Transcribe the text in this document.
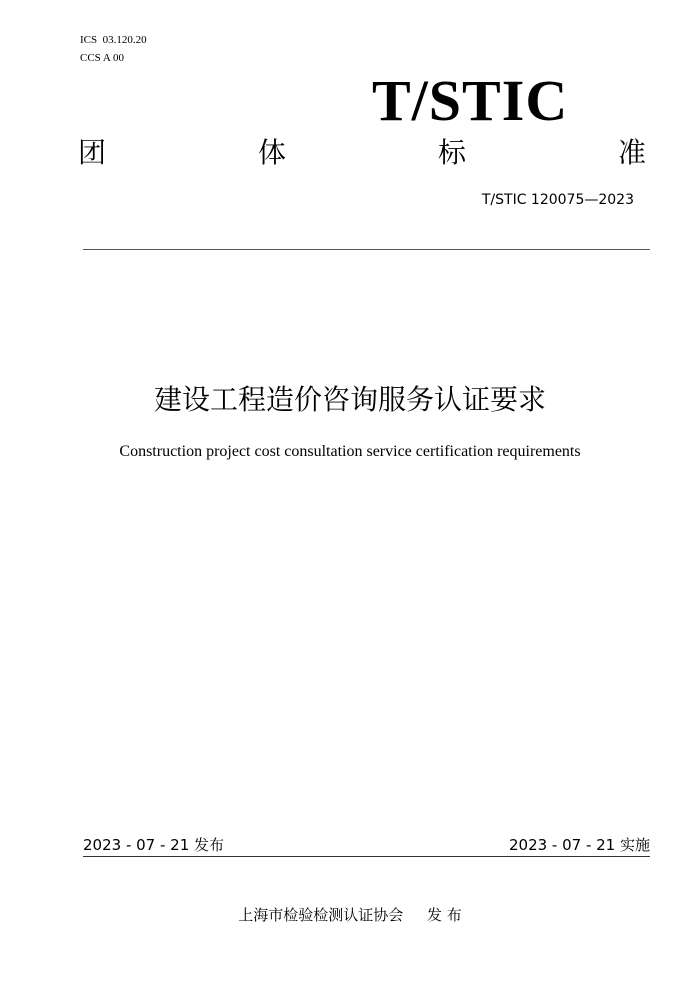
ICS  03.120.20
CCS A 00
T/STIC
团	体	标	准
T/STIC 120075—2023
建设工程造价咨询服务认证要求
Construction project cost consultation service certification requirements
2023 - 07 - 21 发布	2023 - 07 - 21 实施
上海市检验检测认证协会     发 布
